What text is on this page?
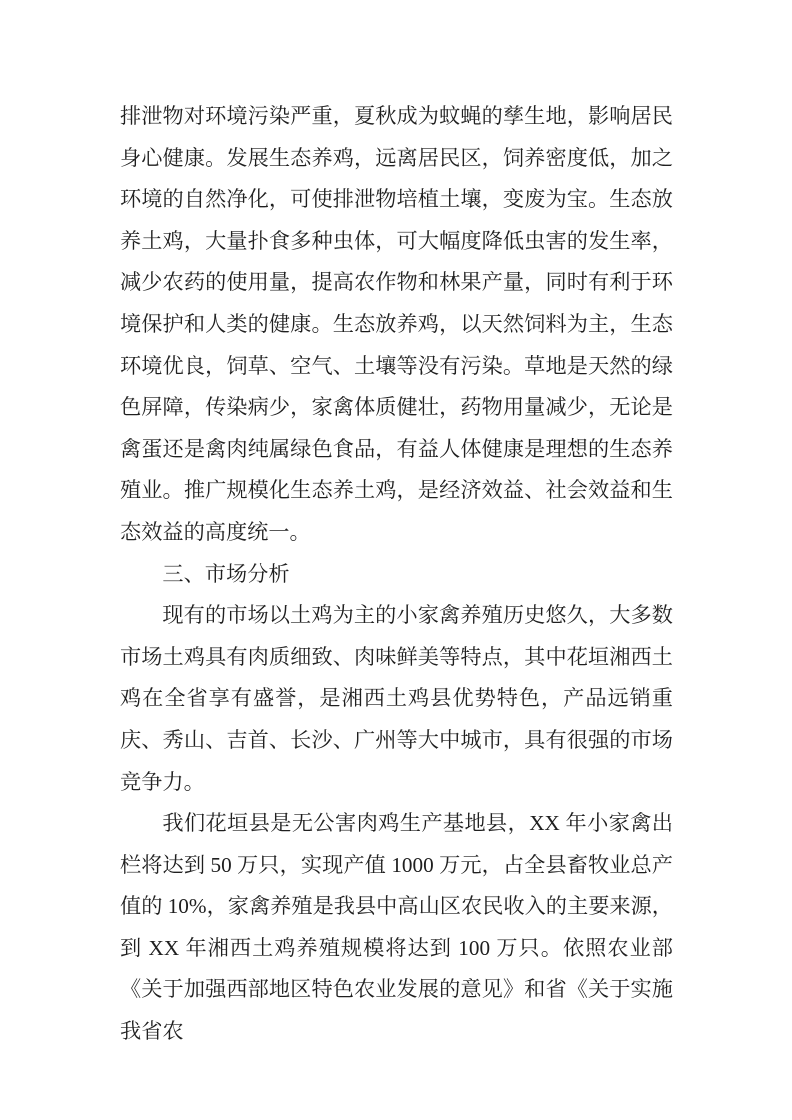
排泄物对环境污染严重，夏秋成为蚊蝇的孳生地，影响居民身心健康。发展生态养鸡，远离居民区，饲养密度低，加之环境的自然净化，可使排泄物培植土壤，变废为宝。生态放养土鸡，大量扑食多种虫体，可大幅度降低虫害的发生率，减少农药的使用量，提高农作物和林果产量，同时有利于环境保护和人类的健康。生态放养鸡，以天然饲料为主，生态环境优良，饲草、空气、土壤等没有污染。草地是天然的绿色屏障，传染病少，家禽体质健壮，药物用量减少，无论是禽蛋还是禽肉纯属绿色食品，有益人体健康是理想的生态养殖业。推广规模化生态养土鸡，是经济效益、社会效益和生态效益的高度统一。

三、市场分析

现有的市场以土鸡为主的小家禽养殖历史悠久，大多数市场土鸡具有肉质细致、肉味鲜美等特点，其中花垣湘西土鸡在全省享有盛誉，是湘西土鸡县优势特色，产品远销重庆、秀山、吉首、长沙、广州等大中城市，具有很强的市场竞争力。

我们花垣县是无公害肉鸡生产基地县，XX 年小家禽出栏将达到 50 万只，实现产值 1000 万元，占全县畜牧业总产值的 10%，家禽养殖是我县中高山区农民收入的主要来源，到 XX 年湘西土鸡养殖规模将达到 100 万只。依照农业部《关于加强西部地区特色农业发展的意见》和省《关于实施我省农
